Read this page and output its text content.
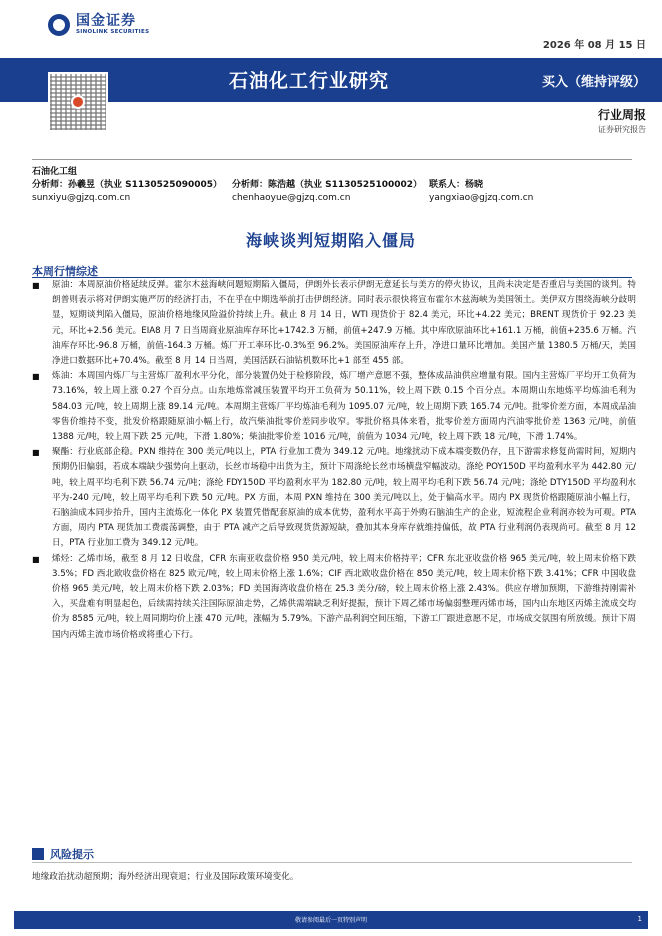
国金证券
SINOLINK SECURITIES
2026 年 08 月 15 日
石油化工行业研究	买入（维持评级）
行业周报
证券研究报告
石油化工组
分析师：孙羲昱（执业 S1130525090005）	分析师：陈浩越（执业 S1130525100002） 联系人：杨晓
sunxiyu@gjzq.com.cn	chenhaoyue@gjzq.com.cn	yangxiao@gjzq.com.cn
海峡谈判短期陷入僵局
本周行情综述
■	原油：本周原油价格延续反弹。霍尔木兹海峡问题短期陷入僵局，伊朗外长表示伊朗无意延长与美方的停火协议，且尚未决定是否重启与美国的谈判。特朗普则表示将对伊朗实施严厉的经济打击，不在乎在中期选举前打击伊朗经济。同时表示很快将宣布霍尔木兹海峡为美国领土。美伊双方围绕海峡分歧明显，短期谈判陷入僵局，原油价格地缘风险溢价持续上升。截止 8 月 14 日，WTI 现货价于 82.4 美元，环比+4.22 美元；BRENT 现货价于 92.23 美元，环比+2.56 美元。EIA8 月 7 日当周商业原油库存环比+1742.3 万桶，前值+247.9 万桶。其中库欣原油环比+161.1 万桶，前值+235.6 万桶。汽油库存环比-96.8 万桶，前值-164.3 万桶。炼厂开工率环比-0.3%至 96.2%。美国原油库存上升，净进口量环比增加。美国产量 1380.5 万桶/天，美国净进口数据环比+70.4%。截至 8 月 14 日当周，美国活跃石油钻机数环比+1 部至 455 部。
■	炼油：本周国内炼厂与主营炼厂盈利水平分化，部分装置仍处于检修阶段，炼厂增产意愿不强，整体成品油供应增量有限。国内主营炼厂平均开工负荷为 73.16%，较上周上涨 0.27 个百分点。山东地炼常减压装置平均开工负荷为 50.11%，较上周下跌 0.15 个百分点。本周期山东地炼平均炼油毛利为 584.03 元/吨，较上周期上涨 89.14 元/吨。本周期主营炼厂平均炼油毛利为 1095.07 元/吨，较上周期下跌 165.74 元/吨。批零价差方面，本周成品油零售价维持不变，批发价格跟随原油小幅上行，故汽柴油批零价差同步收窄。零批价格具体来看，批零价差方面周内汽油零批价差 1363 元/吨，前值 1388 元/吨，较上周下跌 25 元/吨，下滑 1.80%；柴油批零价差 1016 元/吨，前值为 1034 元/吨，较上周下跌 18 元/吨，下滑 1.74%。
■	聚酯：行业底部企稳。PXN 维持在 300 美元/吨以上，PTA 行业加工费为 349.12 元/吨。地缘扰动下成本端变数仍存，且下游需求修复尚需时间，短期内预期仍旧偏弱，若成本端缺少强势向上驱动，长丝市场稳中出货为主，预计下周涤纶长丝市场横盘窄幅波动。涤纶 POY150D 平均盈利水平为 442.80 元/吨，较上周平均毛利下跌 56.74 元/吨；涤纶 FDY150D 平均盈利水平为 182.80 元/吨，较上周平均毛利下跌 56.74 元/吨；涤纶 DTY150D 平均盈利水平为-240 元/吨，较上周平均毛利下跌 50 元/吨。PX 方面，本周 PXN 维持在 300 美元/吨以上，处于偏高水平。周内 PX 现货价格跟随原油小幅上行，石脑油成本同步抬升，国内主流炼化一体化 PX 装置凭借配套原油的成本优势，盈利水平高于外购石脑油生产的企业，短流程企业利润亦较为可观。PTA 方面，周内 PTA 现货加工费震荡调整，由于 PTA 减产之后导致现货货源短缺，叠加其本身库存就维持偏低，故 PTA 行业利润仍表现尚可。截至 8 月 12 日，PTA 行业加工费为 349.12 元/吨。
■	烯烃：乙烯市场，截至 8 月 12 日收盘，CFR 东南亚收盘价格 950 美元/吨，较上周末价格持平；CFR 东北亚收盘价格 965 美元/吨，较上周末价格下跌 3.5%；FD 西北欧收盘价格在 825 欧元/吨，较上周末价格上涨 1.6%；CIF 西北欧收盘价格在 850 美元/吨，较上周末价格下跌 3.41%；CFR 中国收盘价格 965 美元/吨，较上周末价格下跌 2.03%；FD 美国海湾收盘价格在 25.3 美分/磅，较上周末价格上涨 2.43%。供应存增加预期，下游维持刚需补入，买盘难有明显起色，后续需持续关注国际原油走势，乙烯供需端缺乏利好提振，预计下周乙烯市场偏弱整理丙烯市场，国内山东地区丙烯主流成交均价为 8585 元/吨，较上周同期均价上涨 470 元/吨，涨幅为 5.79%。下游产品利润空间压缩，下游工厂跟进意愿不足，市场成交氛围有所放缓。预计下周国内丙烯主流市场价格或将重心下行。
风险提示
地缘政治扰动超预期；海外经济出现衰退；行业及国际政策环境变化。
敬请参阅最后一页特别声明	1
